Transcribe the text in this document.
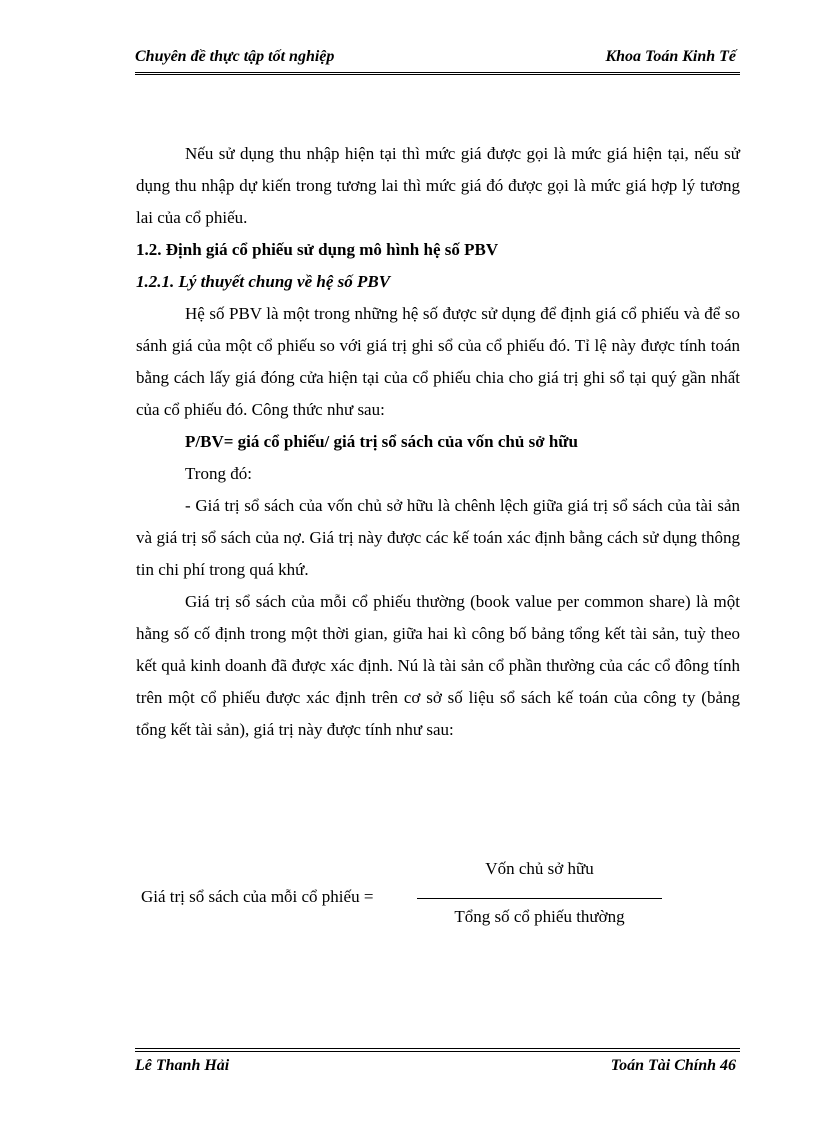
Chuyên đề thực tập tốt nghiệp	Khoa Toán Kinh Tế

Nếu sử dụng thu nhập hiện tại thì mức giá được gọi là mức giá hiện tại, nếu sử dụng thu nhập dự kiến trong tương lai thì mức giá đó được gọi là mức giá hợp lý tương lai của cổ phiếu.

1.2. Định giá cổ phiếu sử dụng mô hình hệ số PBV

1.2.1. Lý thuyết chung về hệ số PBV

Hệ số PBV là một trong những hệ số được sử dụng để định giá cổ phiếu và để so sánh giá của một cổ phiếu so với giá trị ghi sổ của cổ phiếu đó. Tỉ lệ này được tính toán bằng cách lấy giá đóng cửa hiện tại của cổ phiếu chia cho giá trị ghi sổ tại quý gần nhất của cổ phiếu đó. Công thức như sau:

P/BV= giá cổ phiếu/ giá trị sổ sách của vốn chủ sở hữu

Trong đó:

- Giá trị sổ sách của vốn chủ sở hữu là chênh lệch giữa giá trị sổ sách của tài sản và giá trị sổ sách của nợ. Giá trị này được các kế toán xác định bằng cách sử dụng thông tin chi phí trong quá khứ.

Giá trị sổ sách của mỗi cổ phiếu thường (book value per common share) là một hằng số cố định trong một thời gian, giữa hai kì công bố bảng tổng kết tài sản, tuỳ theo kết quả kinh doanh đã được xác định. Nú là tài sản cổ phần thường của các cổ đông tính trên một cổ phiếu được xác định trên cơ sở số liệu sổ sách kế toán của công ty (bảng tổng kết tài sản), giá trị này được tính như sau:

Giá trị sổ sách của mỗi cổ phiếu =
Vốn chủ sở hữu
Tổng số cổ phiếu thường
Lê Thanh Hải	Toán Tài Chính 46
